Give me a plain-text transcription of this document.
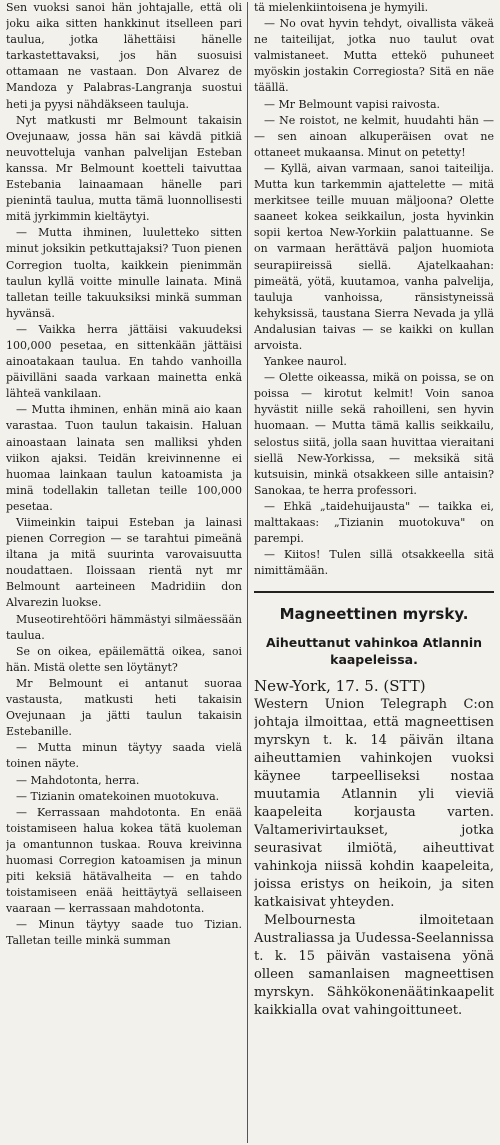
Sen vuoksi sanoi hän johtajalle, että oli joku aika sitten hankkinut itselleen pari taulua, jotka lähettäisi hänelle tarkastettavaksi, jos hän suosuisi ottamaan ne vastaan. Don Alvarez de Mandoza y Palabras-Langranja suostui heti ja pyysi nähdäkseen tauluja.

Nyt matkusti mr Belmount takaisin Ovejunaaw, jossa hän sai kävdä pitkiä neuvotteluja vanhan palvelijan Esteban kanssa. Mr Belmount koetteli taivuttaa Estebania lainaamaan hänelle pari pienintä taulua, mutta tämä luonnollisesti mitä jyrkimmin kieltäytyi.

— Mutta ihminen, luuletteko sitten minut joksikin petkuttajaksi? Tuon pienen Corregion tuolta, kaikkein pienimmän taulun kyllä voitte minulle lainata. Minä talletan teille takuuksiksi minkä summan hyvänsä.

— Vaikka herra jättäisi vakuudeksi 100,000 pesetaa, en sittenkään jättäisi ainoatakaan taulua. En tahdo vanhoilla päivilläni saada varkaan mainetta enkä lähteä vankilaan.

— Mutta ihminen, enhän minä aio kaan varastaa. Tuon taulun takaisin. Haluan ainoastaan lainata sen malliksi yhden viikon ajaksi. Teidän kreivinnenne ei huomaa lainkaan taulun katoamista ja minä todellakin talletan teille 100,000 pesetaa.

Viimeinkin taipui Esteban ja lainasi pienen Corregion — se tarahtui pimeänä iltana ja mitä suurinta varovaisuutta noudattaen. Iloissaan rientä nyt mr Belmount aarteineen Madridiin don Alvarezin luokse.

Museotirehtööri hämmästyi silmäessään taulua.

Se on oikea, epäilemättä oikea, sanoi hän. Mistä olette sen löytänyt?

Mr Belmount ei antanut suoraa vastausta, matkusti heti takaisin Ovejunaan ja jätti taulun takaisin Estebanille.

— Mutta minun täytyy saada vielä toinen näyte.

— Mahdotonta, herra.

— Tizianin omatekoinen muotokuva.

— Kerrassaan mahdotonta. En enää toistamiseen halua kokea tätä kuoleman ja omantunnon tuskaa. Rouva kreivinna huomasi Corregion katoamisen ja minun piti keksiä hätävalheita — en tahdo toistamiseen enää heittäytyä sellaiseen vaaraan — kerrassaan mahdotonta.

— Minun täytyy saade tuo Tizian. Talletan teille minkä summan

tä mielenkiintoisena je hymyili.

— No ovat hyvin tehdyt, oivallista väkeä ne taiteilijat, jotka nuo taulut ovat valmistaneet. Mutta ettekö puhuneet myöskin jostakin Corregiosta? Sitä en näe täällä.

— Mr Belmount vapisi raivosta.

— Ne roistot, ne kelmit, huudahti hän — — sen ainoan alkuperäisen ovat ne ottaneet mukaansa. Minut on petetty!

— Kyllä, aivan varmaan, sanoi taiteilija. Mutta kun tarkemmin ajattelette — mitä merkitsee teille muuan mäljoona? Olette saaneet kokea seikkailun, josta hyvinkin sopii kertoa New-Yorkiin palattuanne. Se on varmaan herättävä paljon huomiota seurapiireissä siellä. Ajatelkaahan: pimeätä, yötä, kuutamoa, vanha palvelija, tauluja vanhoissa, ränsistyneissä kehyksissä, taustana Sierra Nevada ja yllä Andalusian taivas — se kaikki on kullan arvoista.

Yankee naurol.

— Olette oikeassa, mikä on poissa, se on poissa — kirotut kelmit! Voin sanoa hyvästit niille sekä rahoilleni, sen hyvin huomaan. — Mutta tämä kallis seikkailu, selostus siitä, jolla saan huvittaa vieraitani siellä New-Yorkissa, — meksikä sitä kutsuisin, minkä otsakkeen sille antaisin? Sanokaa, te herra professori.

— Ehkä „taidehuijausta" — taikka ei, malttakaas: „Tizianin muotokuva" on parempi.

— Kiitos! Tulen sillä otsakkeella sitä nimittämään.

Magneettinen myrsky.
Aiheuttanut vahinkoa Atlannin kaapeleissa.

New-York, 17. 5. (STT)

Western Union Telegraph C:on johtaja ilmoittaa, että magneettisen myrskyn t. k. 14 päivän iltana aiheuttamien vahinkojen vuoksi käynee tarpeelliseksi nostaa muutamia Atlannin yli vieviä kaapeleita korjausta varten. Valtamerivirtaukset, jotka seurasivat ilmiötä, aiheuttivat vahinkoja niissä kohdin kaapeleita, joissa eristys on heikoin, ja siten katkaisivat yhteyden.

Melbournesta ilmoitetaan Australiassa ja Uudessa-Seelannissa t. k. 15 päivän vastaisena yönä olleen samanlaisen magneettisen myrskyn. Sähkökonenäätinkaapelit kaikkialla ovat vahingoittuneet.
